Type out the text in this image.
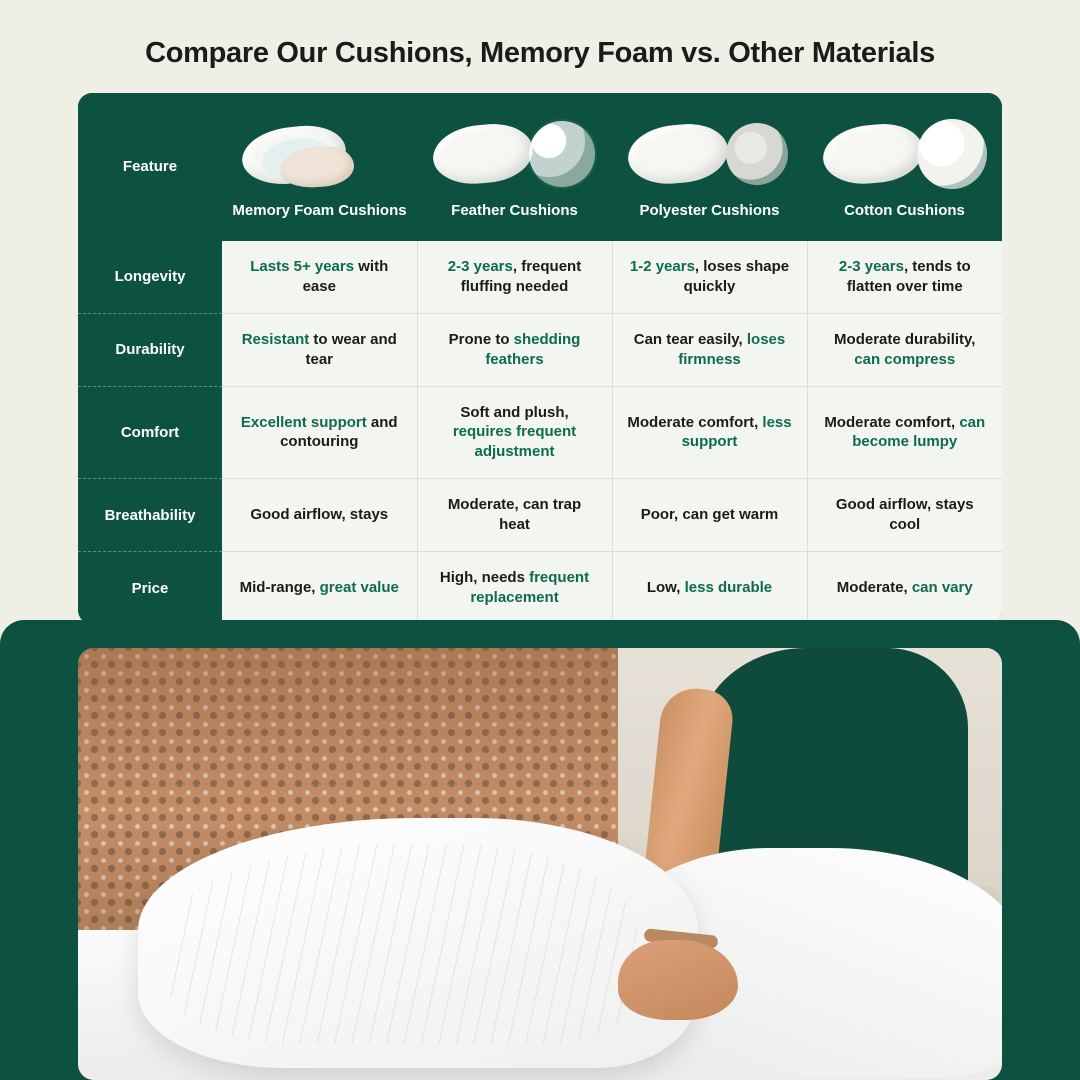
Compare Our Cushions, Memory Foam vs. Other Materials
Feature	Memory Foam Cushions	Feather Cushions	Polyester Cushions	Cotton Cushions

Longevity	Lasts 5+ years with ease	2-3 years, frequent fluffing needed	1-2 years, loses shape quickly	2-3 years, tends to flatten over time
Durability	Resistant to wear and tear	Prone to shedding feathers	Can tear easily, loses firmness	Moderate durability, can compress
Comfort	Excellent support and contouring	Soft and plush, requires frequent adjustment	Moderate comfort, less support	Moderate comfort, can become lumpy
Breathability	Good airflow, stays	Moderate, can trap heat	Poor, can get warm	Good airflow, stays cool
Price	Mid-range, great value	High, needs frequent replacement	Low, less durable	Moderate, can vary
